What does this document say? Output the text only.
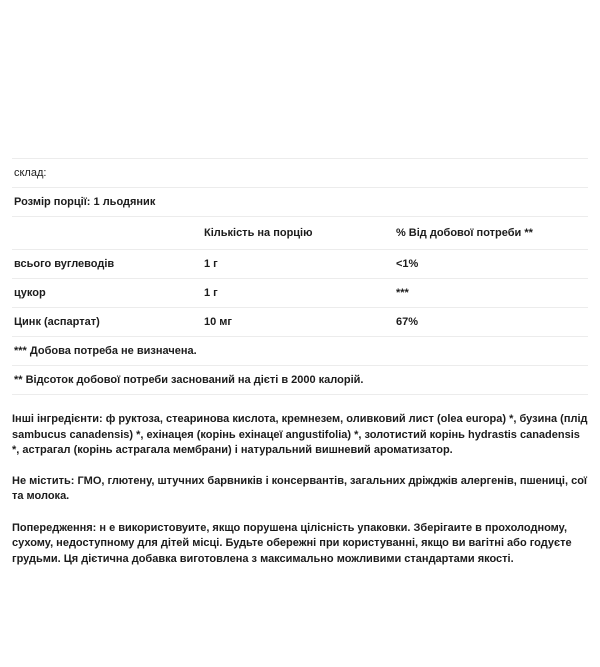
склад:		
Розмір порції: 1 льодяник		
	Кількість на порцію	% Від добової потреби **
всього вуглеводів	1 г	<1%
цукор	1 г	***
Цинк (аспартат)	10 мг	67%
*** Добова потреба не визначена.		
** Відсоток добової потреби заснований на дієті в 2000 калорій.		

Інші інгредієнти: ф руктоза, стеаринова кислота, кремнезем, оливковий лист (olea europa) *, бузина (плід sambucus canadensis) *, ехінацея (корінь ехінацеї angustifolia) *, золотистий корінь hydrastis canadensis *, астрагал (корінь астрагала мембрани) і натуральний вишневий ароматизатор.

Не містить: ГМО, глютену, штучних барвників і консервантів, загальних дріжджів алергенів, пшениці, сої та молока.

Попередження: н е використовуите, якщо порушена цілісність упаковки. Зберігаите в прохолодному, сухому, недоступному для дітей місці. Будьте обережні при користуванні, якщо ви вагітні або годуєте грудьми. Ця дієтична добавка виготовлена з максимально можливими стандартами якості.
